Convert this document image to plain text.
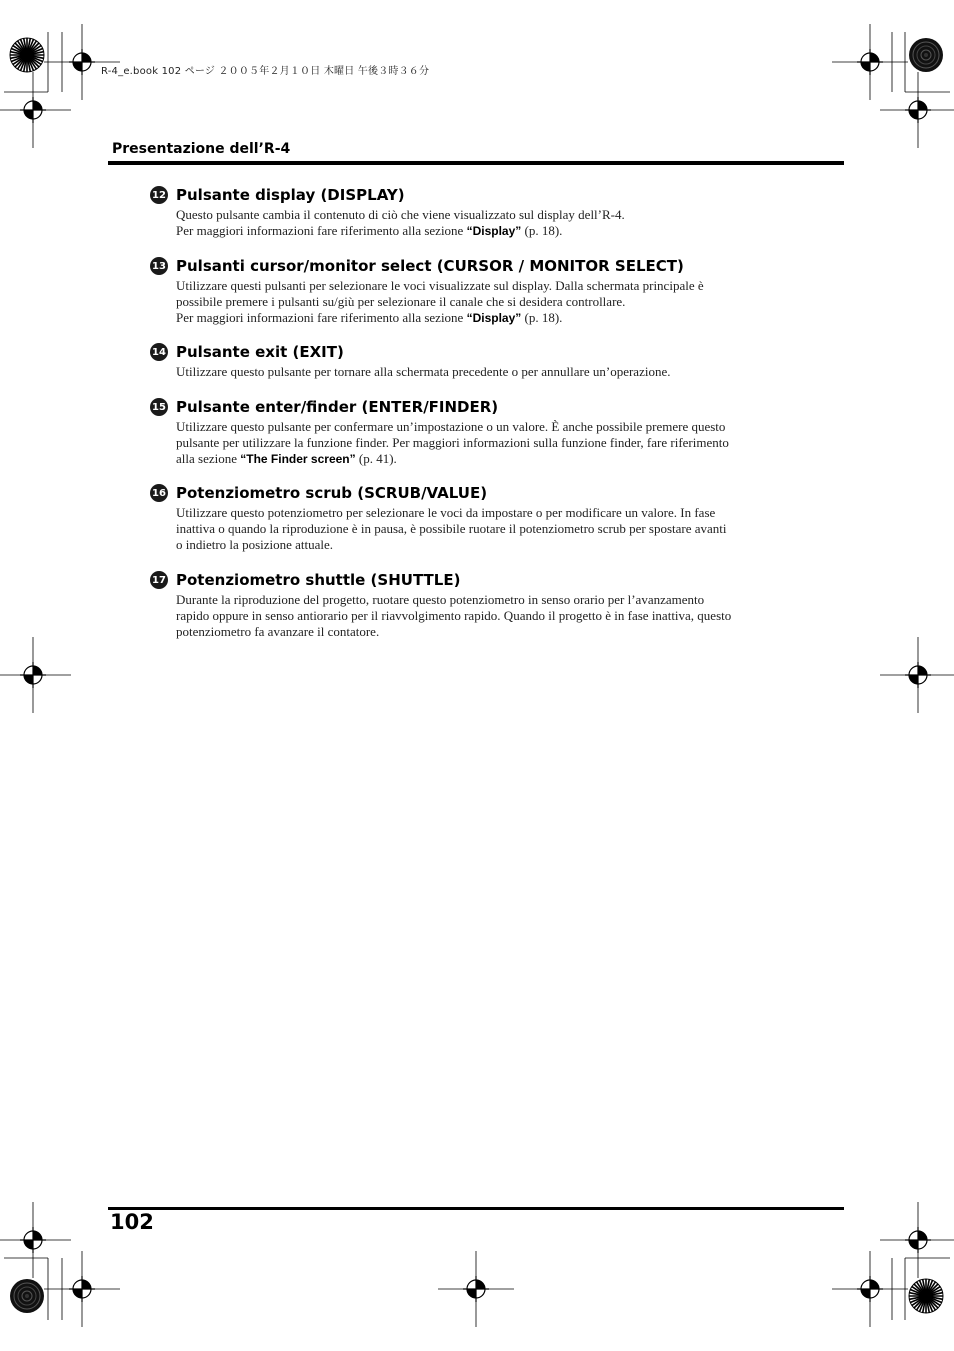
R-4_e.book 102 ページ ２００５年２月１０日 木曜日 午後３時３６分
Presentazione dell’R-4
12 Pulsante display (DISPLAY)
Questo pulsante cambia il contenuto di ciò che viene visualizzato sul display dell’R-4.
Per maggiori informazioni fare riferimento alla sezione “Display” (p. 18).
13 Pulsanti cursor/monitor select (CURSOR / MONITOR SELECT)
Utilizzare questi pulsanti per selezionare le voci visualizzate sul display. Dalla schermata principale è
possibile premere i pulsanti su/giù per selezionare il canale che si desidera controllare.
Per maggiori informazioni fare riferimento alla sezione “Display” (p. 18).
14 Pulsante exit (EXIT)
Utilizzare questo pulsante per tornare alla schermata precedente o per annullare un’operazione.
15 Pulsante enter/finder (ENTER/FINDER)
Utilizzare questo pulsante per confermare un’impostazione o un valore. È anche possibile premere questo
pulsante per utilizzare la funzione finder. Per maggiori informazioni sulla funzione finder, fare riferimento
alla sezione “The Finder screen” (p. 41).
16 Potenziometro scrub (SCRUB/VALUE)
Utilizzare questo potenziometro per selezionare le voci da impostare o per modificare un valore. In fase
inattiva o quando la riproduzione è in pausa, è possibile ruotare il potenziometro scrub per spostare avanti
o indietro la posizione attuale.
17 Potenziometro shuttle (SHUTTLE)
Durante la riproduzione del progetto, ruotare questo potenziometro in senso orario per l’avanzamento
rapido oppure in senso antiorario per il riavvolgimento rapido. Quando il progetto è in fase inattiva, questo
potenziometro fa avanzare il contatore.
102
